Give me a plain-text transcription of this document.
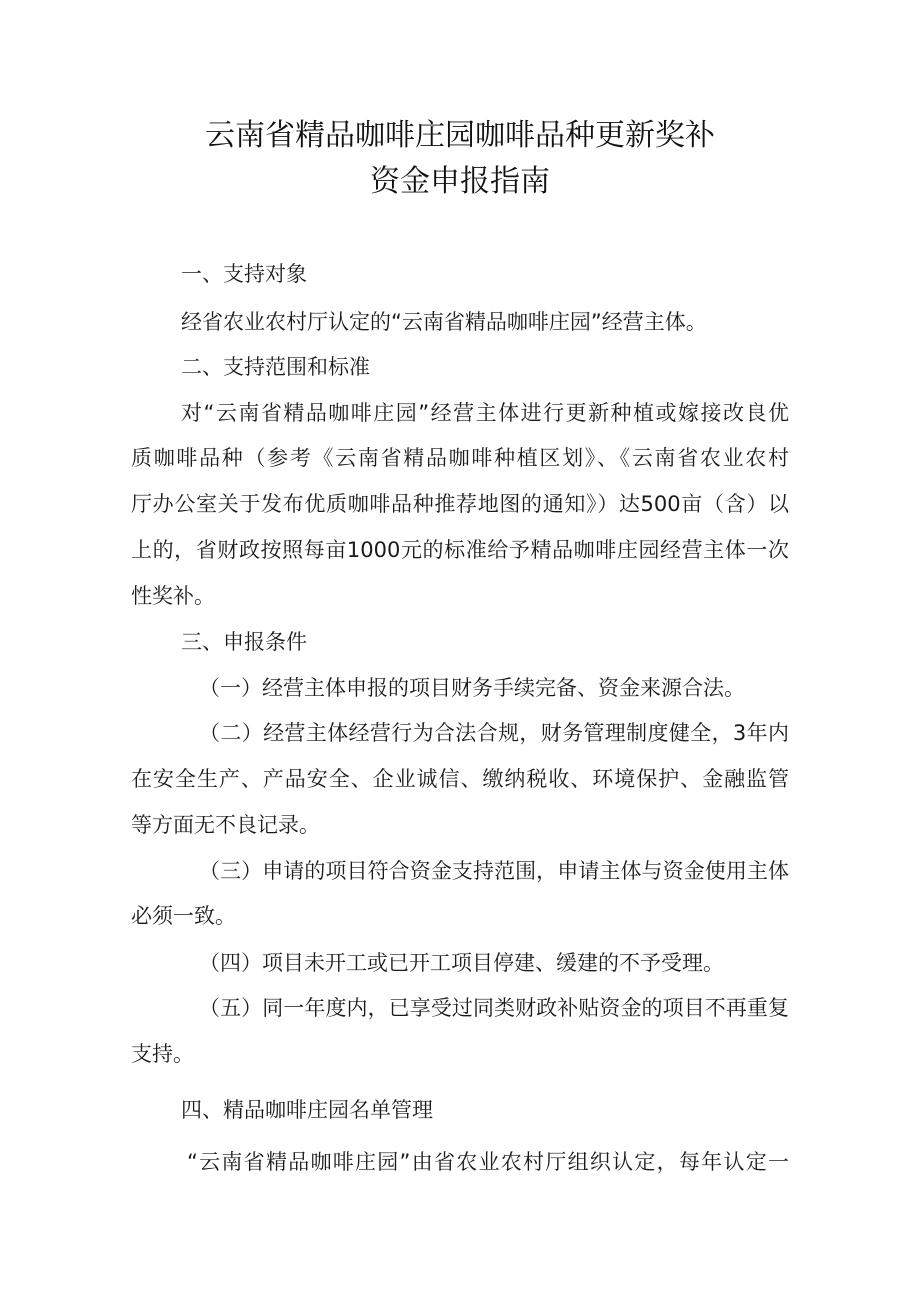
云南省精品咖啡庄园咖啡品种更新奖补
资金申报指南
一、支持对象
经省农业农村厅认定的“云南省精品咖啡庄园”经营主体。
二、支持范围和标准
对“云南省精品咖啡庄园”经营主体进行更新种植或嫁接改良优
质咖啡品种（参考《云南省精品咖啡种植区划》、《云南省农业农村
厅办公室关于发布优质咖啡品种推荐地图的通知》）达500亩（含）以
上的，省财政按照每亩1000元的标准给予精品咖啡庄园经营主体一次
性奖补。
三、申报条件
（一）经营主体申报的项目财务手续完备、资金来源合法。
（二）经营主体经营行为合法合规，财务管理制度健全，3年内
在安全生产、产品安全、企业诚信、缴纳税收、环境保护、金融监管
等方面无不良记录。
（三）申请的项目符合资金支持范围，申请主体与资金使用主体
必须一致。
（四）项目未开工或已开工项目停建、缓建的不予受理。
（五）同一年度内，已享受过同类财政补贴资金的项目不再重复
支持。
四、精品咖啡庄园名单管理
“云南省精品咖啡庄园”由省农业农村厅组织认定，每年认定一
